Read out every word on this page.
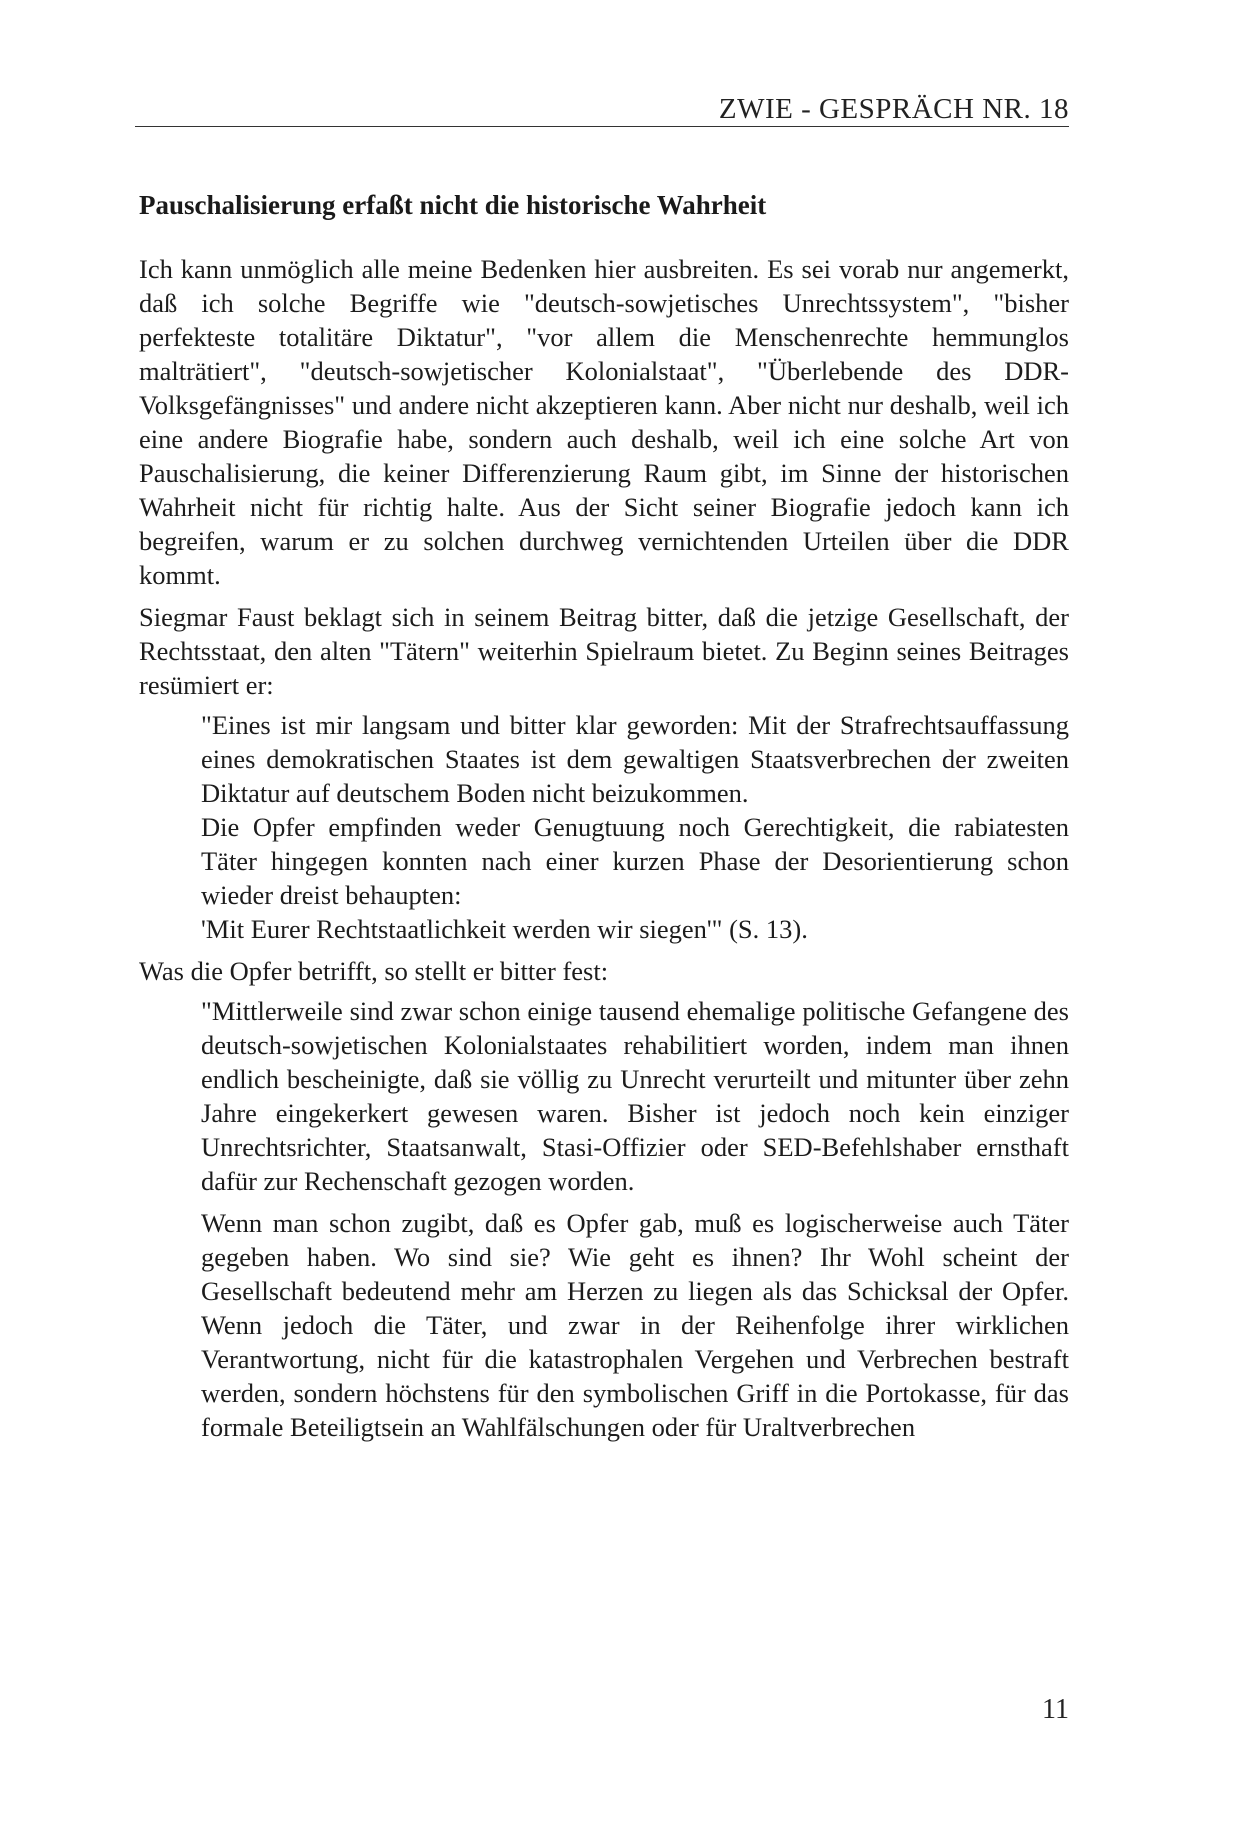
ZWIE - GESPRÄCH NR. 18
Pauschalisierung erfaßt nicht die historische Wahrheit

Ich kann unmöglich alle meine Bedenken hier ausbreiten. Es sei vorab nur angemerkt, daß ich solche Begriffe wie "deutsch-sowjetisches Unrechtssystem", "bisher perfekteste totalitäre Diktatur", "vor allem die Menschenrechte hemmunglos malträtiert", "deutsch-sowjetischer Kolonialstaat", "Überlebende des DDR-Volksgefängnisses" und andere nicht akzeptieren kann. Aber nicht nur deshalb, weil ich eine andere Biografie habe, sondern auch deshalb, weil ich eine solche Art von Pauschalisierung, die keiner Differenzierung Raum gibt, im Sinne der historischen Wahrheit nicht für richtig halte. Aus der Sicht seiner Biografie jedoch kann ich begreifen, warum er zu solchen durchweg vernichtenden Urteilen über die DDR kommt.

Siegmar Faust beklagt sich in seinem Beitrag bitter, daß die jetzige Gesellschaft, der Rechtsstaat, den alten "Tätern" weiterhin Spielraum bietet. Zu Beginn seines Beitrages resümiert er:

"Eines ist mir langsam und bitter klar geworden: Mit der Strafrechtsauffassung eines demokratischen Staates ist dem gewaltigen Staatsverbrechen der zweiten Diktatur auf deutschem Boden nicht beizukommen.

Die Opfer empfinden weder Genugtuung noch Gerechtigkeit, die rabiatesten Täter hingegen konnten nach einer kurzen Phase der Desorientierung schon wieder dreist behaupten:

'Mit Eurer Rechtstaatlichkeit werden wir siegen'" (S. 13).

Was die Opfer betrifft, so stellt er bitter fest:

"Mittlerweile sind zwar schon einige tausend ehemalige politische Gefangene des deutsch-sowjetischen Kolonialstaates rehabilitiert worden, indem man ihnen endlich bescheinigte, daß sie völlig zu Unrecht verurteilt und mitunter über zehn Jahre eingekerkert gewesen waren. Bisher ist jedoch noch kein einziger Unrechtsrichter, Staatsanwalt, Stasi-Offizier oder SED-Befehlshaber ernsthaft dafür zur Rechenschaft gezogen worden.

Wenn man schon zugibt, daß es Opfer gab, muß es logischerweise auch Täter gegeben haben. Wo sind sie? Wie geht es ihnen? Ihr Wohl scheint der Gesellschaft bedeutend mehr am Herzen zu liegen als das Schicksal der Opfer. Wenn jedoch die Täter, und zwar in der Reihenfolge ihrer wirklichen Verantwortung, nicht für die katastrophalen Vergehen und Verbrechen bestraft werden, sondern höchstens für den symbolischen Griff in die Portokasse, für das formale Beteiligtsein an Wahlfälschungen oder für Uraltverbrechen

11
